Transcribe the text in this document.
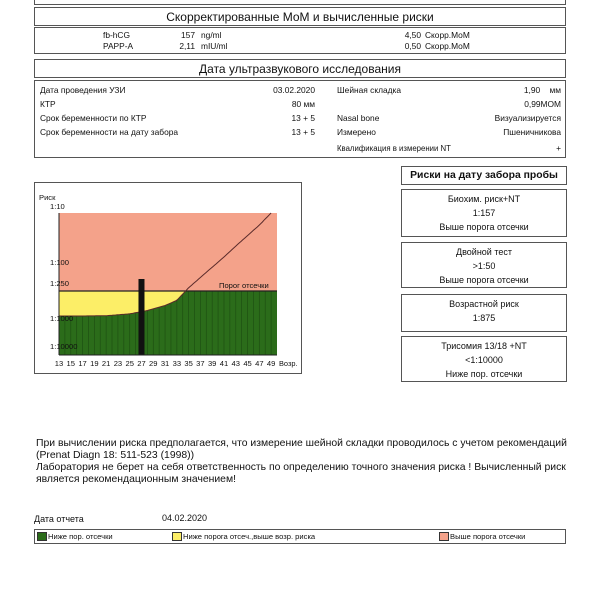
Скорректированные МоМ и вычисленные риски
fb-hCG	157 ng/ml	4,50 Скорр.МоМ
PAPP-A	2,11 mIU/ml	0,50 Скорр.МоМ
Дата ультразвукового исследования
Дата проведения УЗИ	03.02.2020
КТР	80 мм
Срок беременности по КТР	13 + 5
Срок беременности на дату забора	13 + 5
Шейная складка	1,90    мм
0,99МОМ
Nasal bone	Визуализируется
Измерено	Пшеничникова
Квалификация в измерении NT	+
Риск
1:10
1:100
1:250
1:1000
1:10000
13 15 17 19 21 23 25 27 29 31 33 35 37 39 41 43 45 47 49 Возр.
Порог отсечки
Риски на дату забора пробы
Биохим. риск+NT
1:157
Выше порога отсечки
Двойной тест
>1:50
Выше порога отсечки
Возрастной риск
1:875
Трисомия 13/18 +NT
<1:10000
Ниже пор. отсечки
При вычислении риска предполагается, что измерение шейной складки проводилось с учетом рекомендаций
(Prenat Diagn 18: 511-523 (1998))
Лаборатория не берет на себя ответственность по определению точного значения риска ! Вычисленный риск
является рекомендационным значением!
Дата отчета	04.02.2020
Ниже пор. отсечки	Ниже порога отсеч.,выше возр. риска	Выше порога отсечки
